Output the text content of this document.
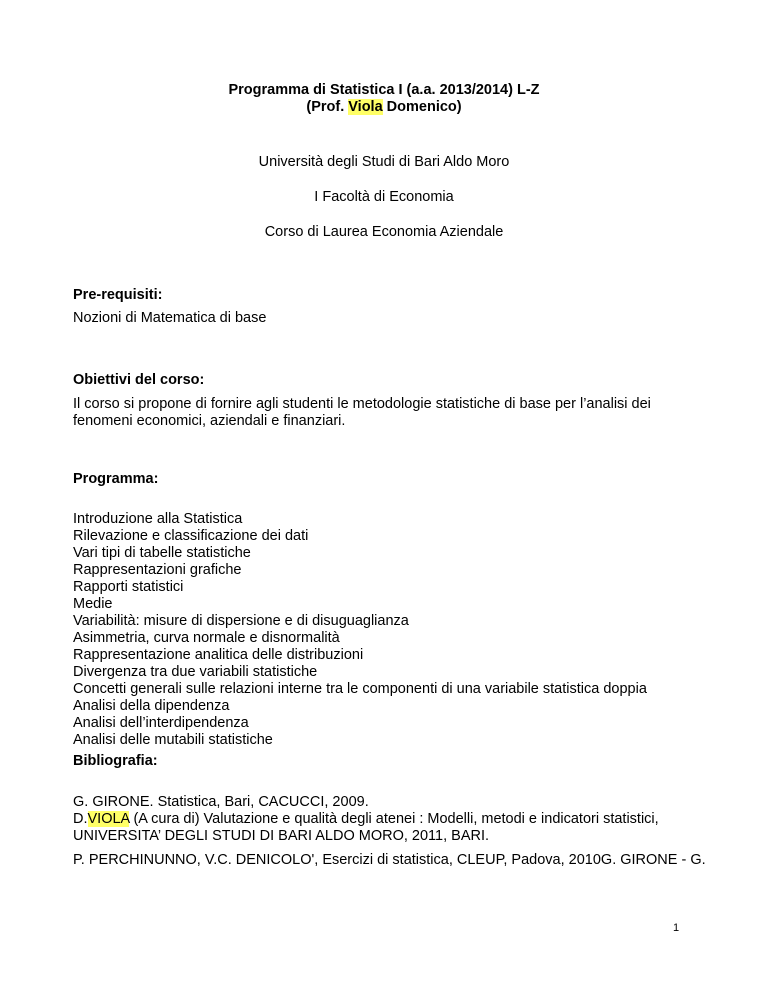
Programma di Statistica I (a.a. 2013/2014) L-Z

(Prof. Viola Domenico)

Università degli Studi di Bari Aldo Moro

I Facoltà di Economia

Corso di Laurea Economia Aziendale

Pre-requisiti:

Nozioni di Matematica di base

Obiettivi del corso:

Il corso si propone di fornire agli studenti le metodologie statistiche di base per l’analisi dei fenomeni economici, aziendali e finanziari.

Programma:

Introduzione alla Statistica
Rilevazione e classificazione dei dati
Vari tipi di tabelle statistiche
Rappresentazioni grafiche
Rapporti statistici
Medie
Variabilità: misure di dispersione e di disuguaglianza
Asimmetria, curva normale e disnormalità
Rappresentazione analitica delle distribuzioni
Divergenza tra due variabili statistiche
Concetti generali sulle relazioni interne tra le componenti di una variabile statistica doppia
Analisi della dipendenza
Analisi dell’interdipendenza
Analisi delle mutabili statistiche

Bibliografia:

G. GIRONE. Statistica, Bari, CACUCCI, 2009.

D.VIOLA (A cura di) Valutazione e qualità degli atenei : Modelli, metodi e indicatori statistici, UNIVERSITA’ DEGLI STUDI DI BARI ALDO MORO, 2011, BARI.

P. PERCHINUNNO, V.C. DENICOLO', Esercizi di statistica, CLEUP, Padova, 2010G. GIRONE - G.

1
